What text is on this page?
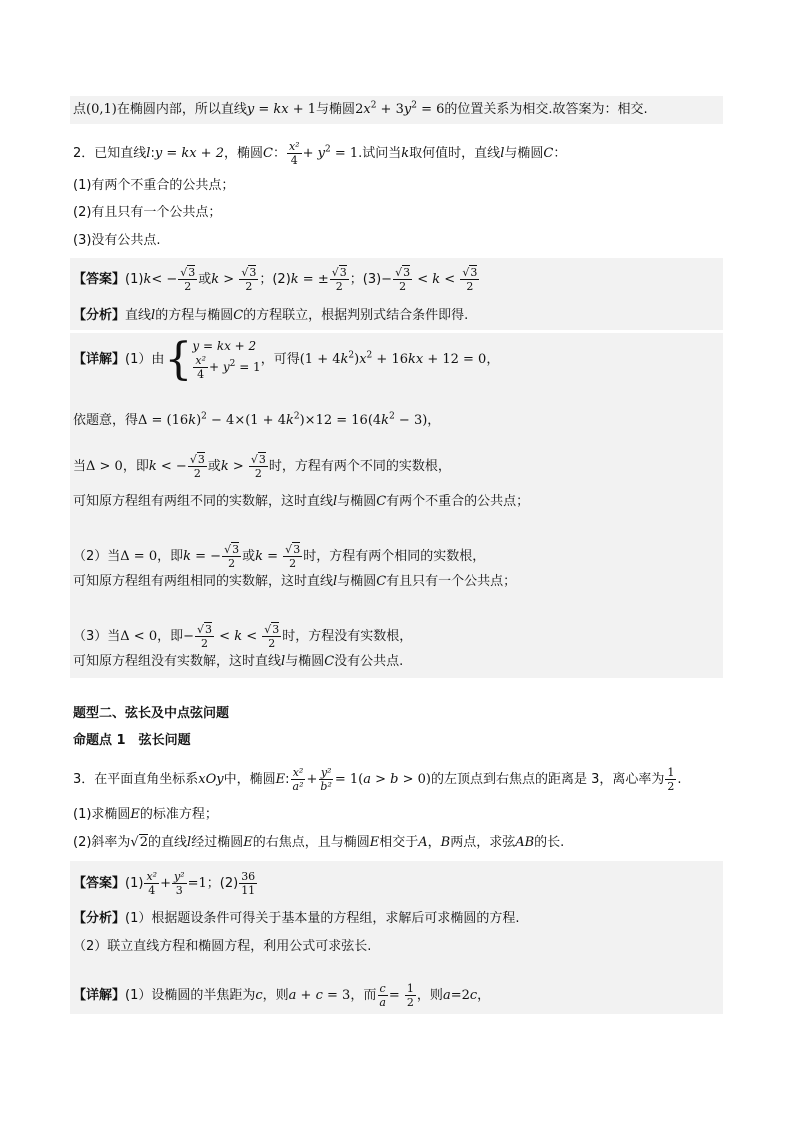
点(0,1)在椭圆内部，所以直线y = kx + 1与椭圆$2x^2 + 3y^2 = 6$的位置关系为相交.故答案为：相交.
2．已知直线l:y = kx + 2，椭圆C： $\frac{\text{x²}}{4} + y^2 = 1$.试问当k取何值时，直线l与椭圆C：
(1)有两个不重合的公共点；
(2)有且只有一个公共点；
(3)没有公共点.
【答案】$(1)k< - \frac{√3}{2}$ 或$k > \frac{√3}{2}$ ；(2)k = ± $\frac{√3}{2}$ ；$(3)- \frac{√3}{2} < k < \frac{√3}{2}$
【分析】直线l的方程与椭圆C的方程联立，根据判别式结合条件即得.
【详解】(1）由{ y = kx + 2
$\frac{\text{x²}}{4} + y^2 = 1$ ，可得$(1 + 4k^2)x^2 + 16kx + 12 = 0$，
依题意，得$\Delta = (16k)^2 - 4\times(1 + 4k^2)\times 12 = 16(4k^2 - 3)$，
当Δ > 0，即k < − $\frac{√3}{2}$ 或$k > \frac{√3}{2}$ 时，方程有两个不同的实数根，
可知原方程组有两组不同的实数解，这时直线l与椭圆C有两个不重合的公共点；
（2）当Δ = 0，即k = − $\frac{√3}{2}$ 或$k = \frac{√3}{2}$ 时，方程有两个相同的实数根，
可知原方程组有两组相同的实数解，这时直线l与椭圆C有且只有一个公共点；
（3）当Δ < 0，即− $\frac{√3}{2} < k < \frac{√3}{2}$ 时，方程没有实数根，
可知原方程组没有实数解，这时直线l与椭圆C没有公共点.
题型二、弦长及中点弦问题
命题点 1　弦长问题
3．在平面直角坐标系xOy中，椭圆E: $\frac{\text{x²}}{\text{a²}} + \frac{\text{y²}}{\text{b²}} = 1(a > b > 0)$的左顶点到右焦点的距离是 3，离心率为 $\frac{1}{2}$ .
(1)求椭圆E的标准方程；
(2)斜率为√2的直线l经过椭圆E的右焦点，且与椭圆E相交于A，B两点，求弦AB的长.
【答案】$(1) \frac{\text{x²}}{4} + \frac{\text{y²}}{3} =1$；$(2) \frac{36}{11}$
【分析】(1）根据题设条件可得关于基本量的方程组，求解后可求椭圆的方程.
（2）联立直线方程和椭圆方程，利用公式可求弦长.
【详解】(1）设椭圆的半焦距为c，则a + c = 3，而 $\frac{c}{a} = \frac{1}{2}$ ，则a=2c，
